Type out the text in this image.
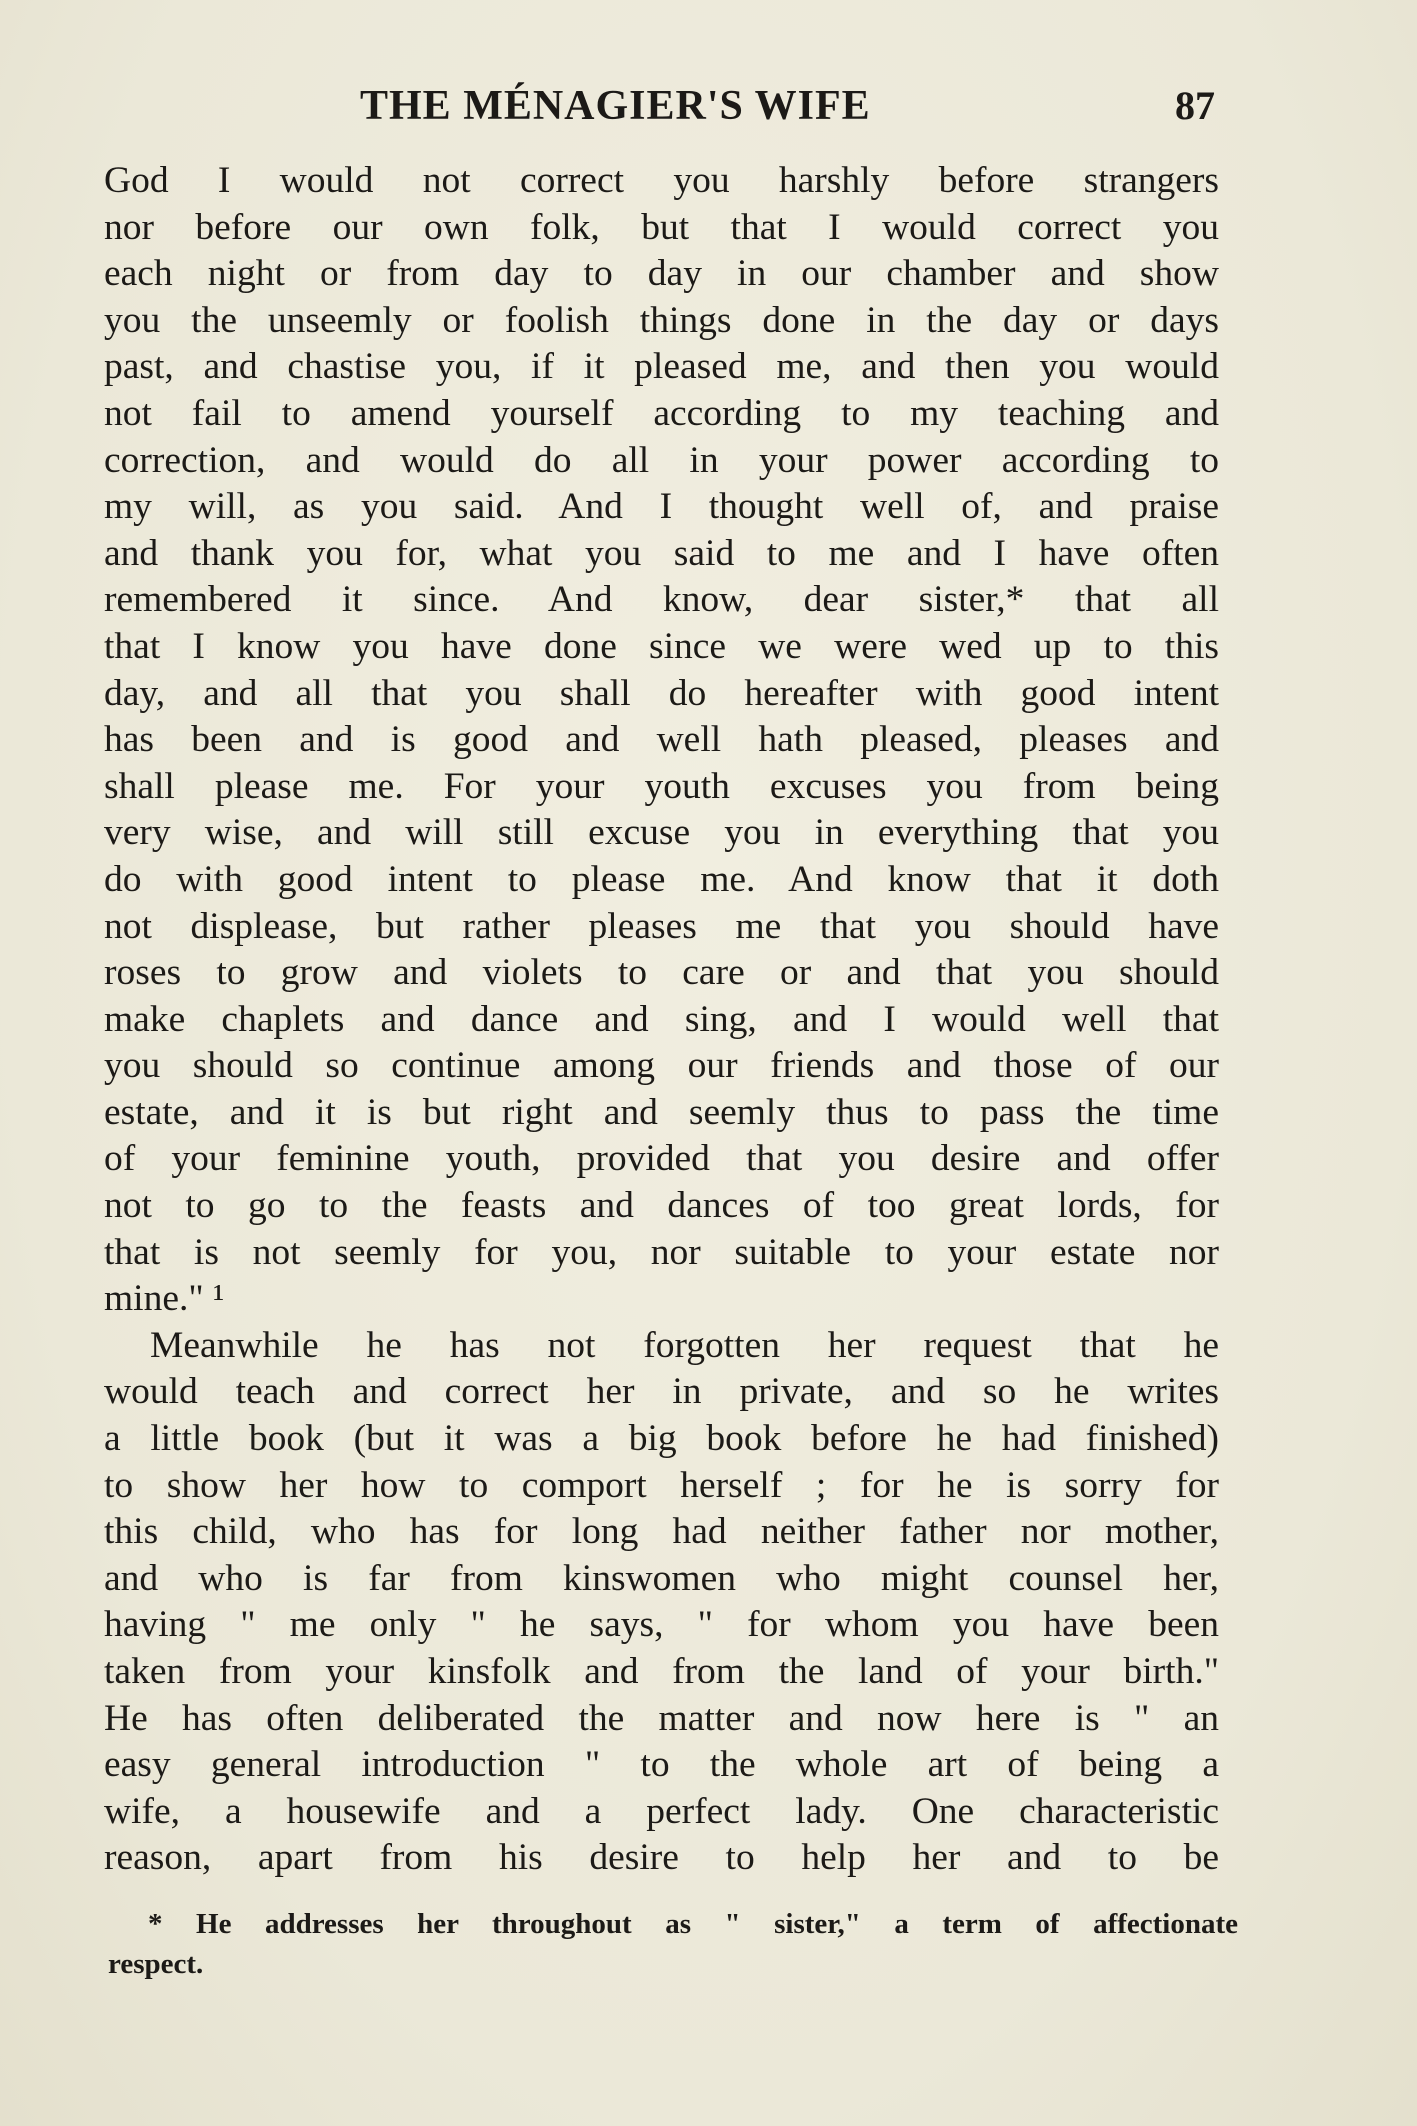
THE MÉNAGIER'S WIFE	87
God I would not correct you harshly before strangers
nor before our own folk, but that I would correct you
each night or from day to day in our chamber and show
you the unseemly or foolish things done in the day or days
past, and chastise you, if it pleased me, and then you would
not fail to amend yourself according to my teaching and
correction, and would do all in your power according to
my will, as you said. And I thought well of, and praise
and thank you for, what you said to me and I have often
remembered it since. And know, dear sister,* that all
that I know you have done since we were wed up to this
day, and all that you shall do hereafter with good intent
has been and is good and well hath pleased, pleases and
shall please me. For your youth excuses you from being
very wise, and will still excuse you in everything that you
do with good intent to please me. And know that it doth
not displease, but rather pleases me that you should have
roses to grow and violets to care or and that you should
make chaplets and dance and sing, and I would well that
you should so continue among our friends and those of our
estate, and it is but right and seemly thus to pass the time
of your feminine youth, provided that you desire and offer
not to go to the feasts and dances of too great lords, for
that is not seemly for you, nor suitable to your estate nor
mine." ¹
Meanwhile he has not forgotten her request that he
would teach and correct her in private, and so he writes
a little book (but it was a big book before he had finished)
to show her how to comport herself ; for he is sorry for
this child, who has for long had neither father nor mother,
and who is far from kinswomen who might counsel her,
having " me only " he says, " for whom you have been
taken from your kinsfolk and from the land of your birth."
He has often deliberated the matter and now here is " an
easy general introduction " to the whole art of being a
wife, a housewife and a perfect lady. One characteristic
reason, apart from his desire to help her and to be
* He addresses her throughout as " sister," a term of affectionate
respect.
